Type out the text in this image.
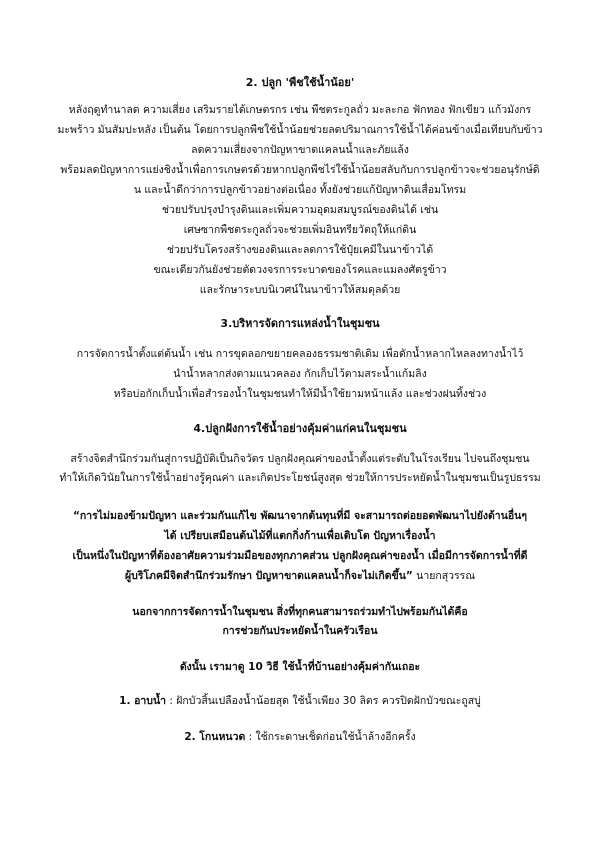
2. ปลูก 'พืชใช้น้ำน้อย'
หลังฤดูทำนาลด ความเสี่ยง เสริมรายได้เกษตรกร เช่น พืชตระกูลถั่ว มะละกอ ฟักทอง ฟักเขียว แก้วมังกร
มะพร้าว มันสัมปะหลัง เป็นต้น โดยการปลูกพืชใช้น้ำน้อยช่วยลดปริมาณการใช้น้ำได้ค่อนข้างเมื่อเทียบกับข้าว
ลดความเสี่ยงจากปัญหาขาดแคลนน้ำและภัยแล้ง
พร้อมลดปัญหาการแย่งชิงน้ำเพื่อการเกษตรด้วยหากปลูกพืชไร่ใช้น้ำน้อยสลับกับการปลูกข้าวจะช่วยอนุรักษ์ดิ
น และน้ำดีกว่าการปลูกข้าวอย่างต่อเนื่อง ทั้งยังช่วยแก้ปัญหาดินเสื่อมโทรม
ช่วยปรับปรุงบำรุงดินและเพิ่มความอุดมสมบูรณ์ของดินได้ เช่น
เศษซากพืชตระกูลถั่วจะช่วยเพิ่มอินทรียวัตถุให้แก่ดิน
ช่วยปรับโครงสร้างของดินและลดการใช้ปุ๋ยเคมีในนาข้าวได้
ขณะเดียวกันยังช่วยตัดวงจรการระบาดของโรคและแมลงศัตรูข้าว
และรักษาระบบนิเวศน์ในนาข้าวให้สมดุลด้วย
3.บริหารจัดการแหล่งน้ำในชุมชน
การจัดการน้ำตั้งแต่ต้นน้ำ เช่น การขุดลอกขยายคลองธรรมชาติเดิม เพื่อดักน้ำหลากไหลลงทางน้ำไว้
นำน้ำหลากส่งตามแนวคลอง กักเก็บไว้ตามสระน้ำแก้มลิง
หรือบ่อกักเก็บน้ำเพื่อสำรองน้ำในชุมชนทำให้มีน้ำใช้ยามหน้าแล้ง และช่วงฝนทิ้งช่วง
4.ปลูกฝังการใช้น้ำอย่างคุ้มค่าแก่คนในชุมชน
สร้างจิตสำนึกร่วมกันสู่การปฏิบัติเป็นกิจวัตร ปลูกฝังคุณค่าของน้ำตั้งแต่ระดับในโรงเรียน ไปจนถึงชุมชน
ทำให้เกิดวินัยในการใช้น้ำอย่างรู้คุณค่า และเกิดประโยชน์สูงสุด ช่วยให้การประหยัดน้ำในชุมชนเป็นรูปธรรม
“การไม่มองข้ามปัญหา และร่วมกันแก้ไข พัฒนาจากต้นทุนที่มี จะสามารถต่อยอดพัฒนาไปยังด้านอื่นๆ
ได้ เปรียบเสมือนต้นไม้ที่แตกกิ่งก้านเพื่อเติบโต ปัญหาเรื่องน้ำ
เป็นหนึ่งในปัญหาที่ต้องอาศัยความร่วมมือของทุกภาคส่วน ปลูกฝังคุณค่าของน้ำ เมื่อมีการจัดการน้ำที่ดี
ผู้บริโภคมีจิตสำนึกร่วมรักษา ปัญหาขาดแคลนน้ำก็จะไม่เกิดขึ้น” นายกสุวรรณ
นอกจากการจัดการน้ำในชุมชน สิ่งที่ทุกคนสามารถร่วมทำไปพร้อมกันได้คือ
การช่วยกันประหยัดน้ำในครัวเรือน
ดังนั้น เรามาดู 10 วิธี ใช้น้ำที่บ้านอย่างคุ้มค่ากันเถอะ
1. อาบน้ำ : ฝักบัวสิ้นเปลืองน้ำน้อยสุด ใช้น้ำเพียง 30 ลิตร ควรปิดฝักบัวขณะถูสบู่
2. โกนหนวด : ใช้กระดาษเช็ดก่อนใช้น้ำล้างอีกครั้ง
